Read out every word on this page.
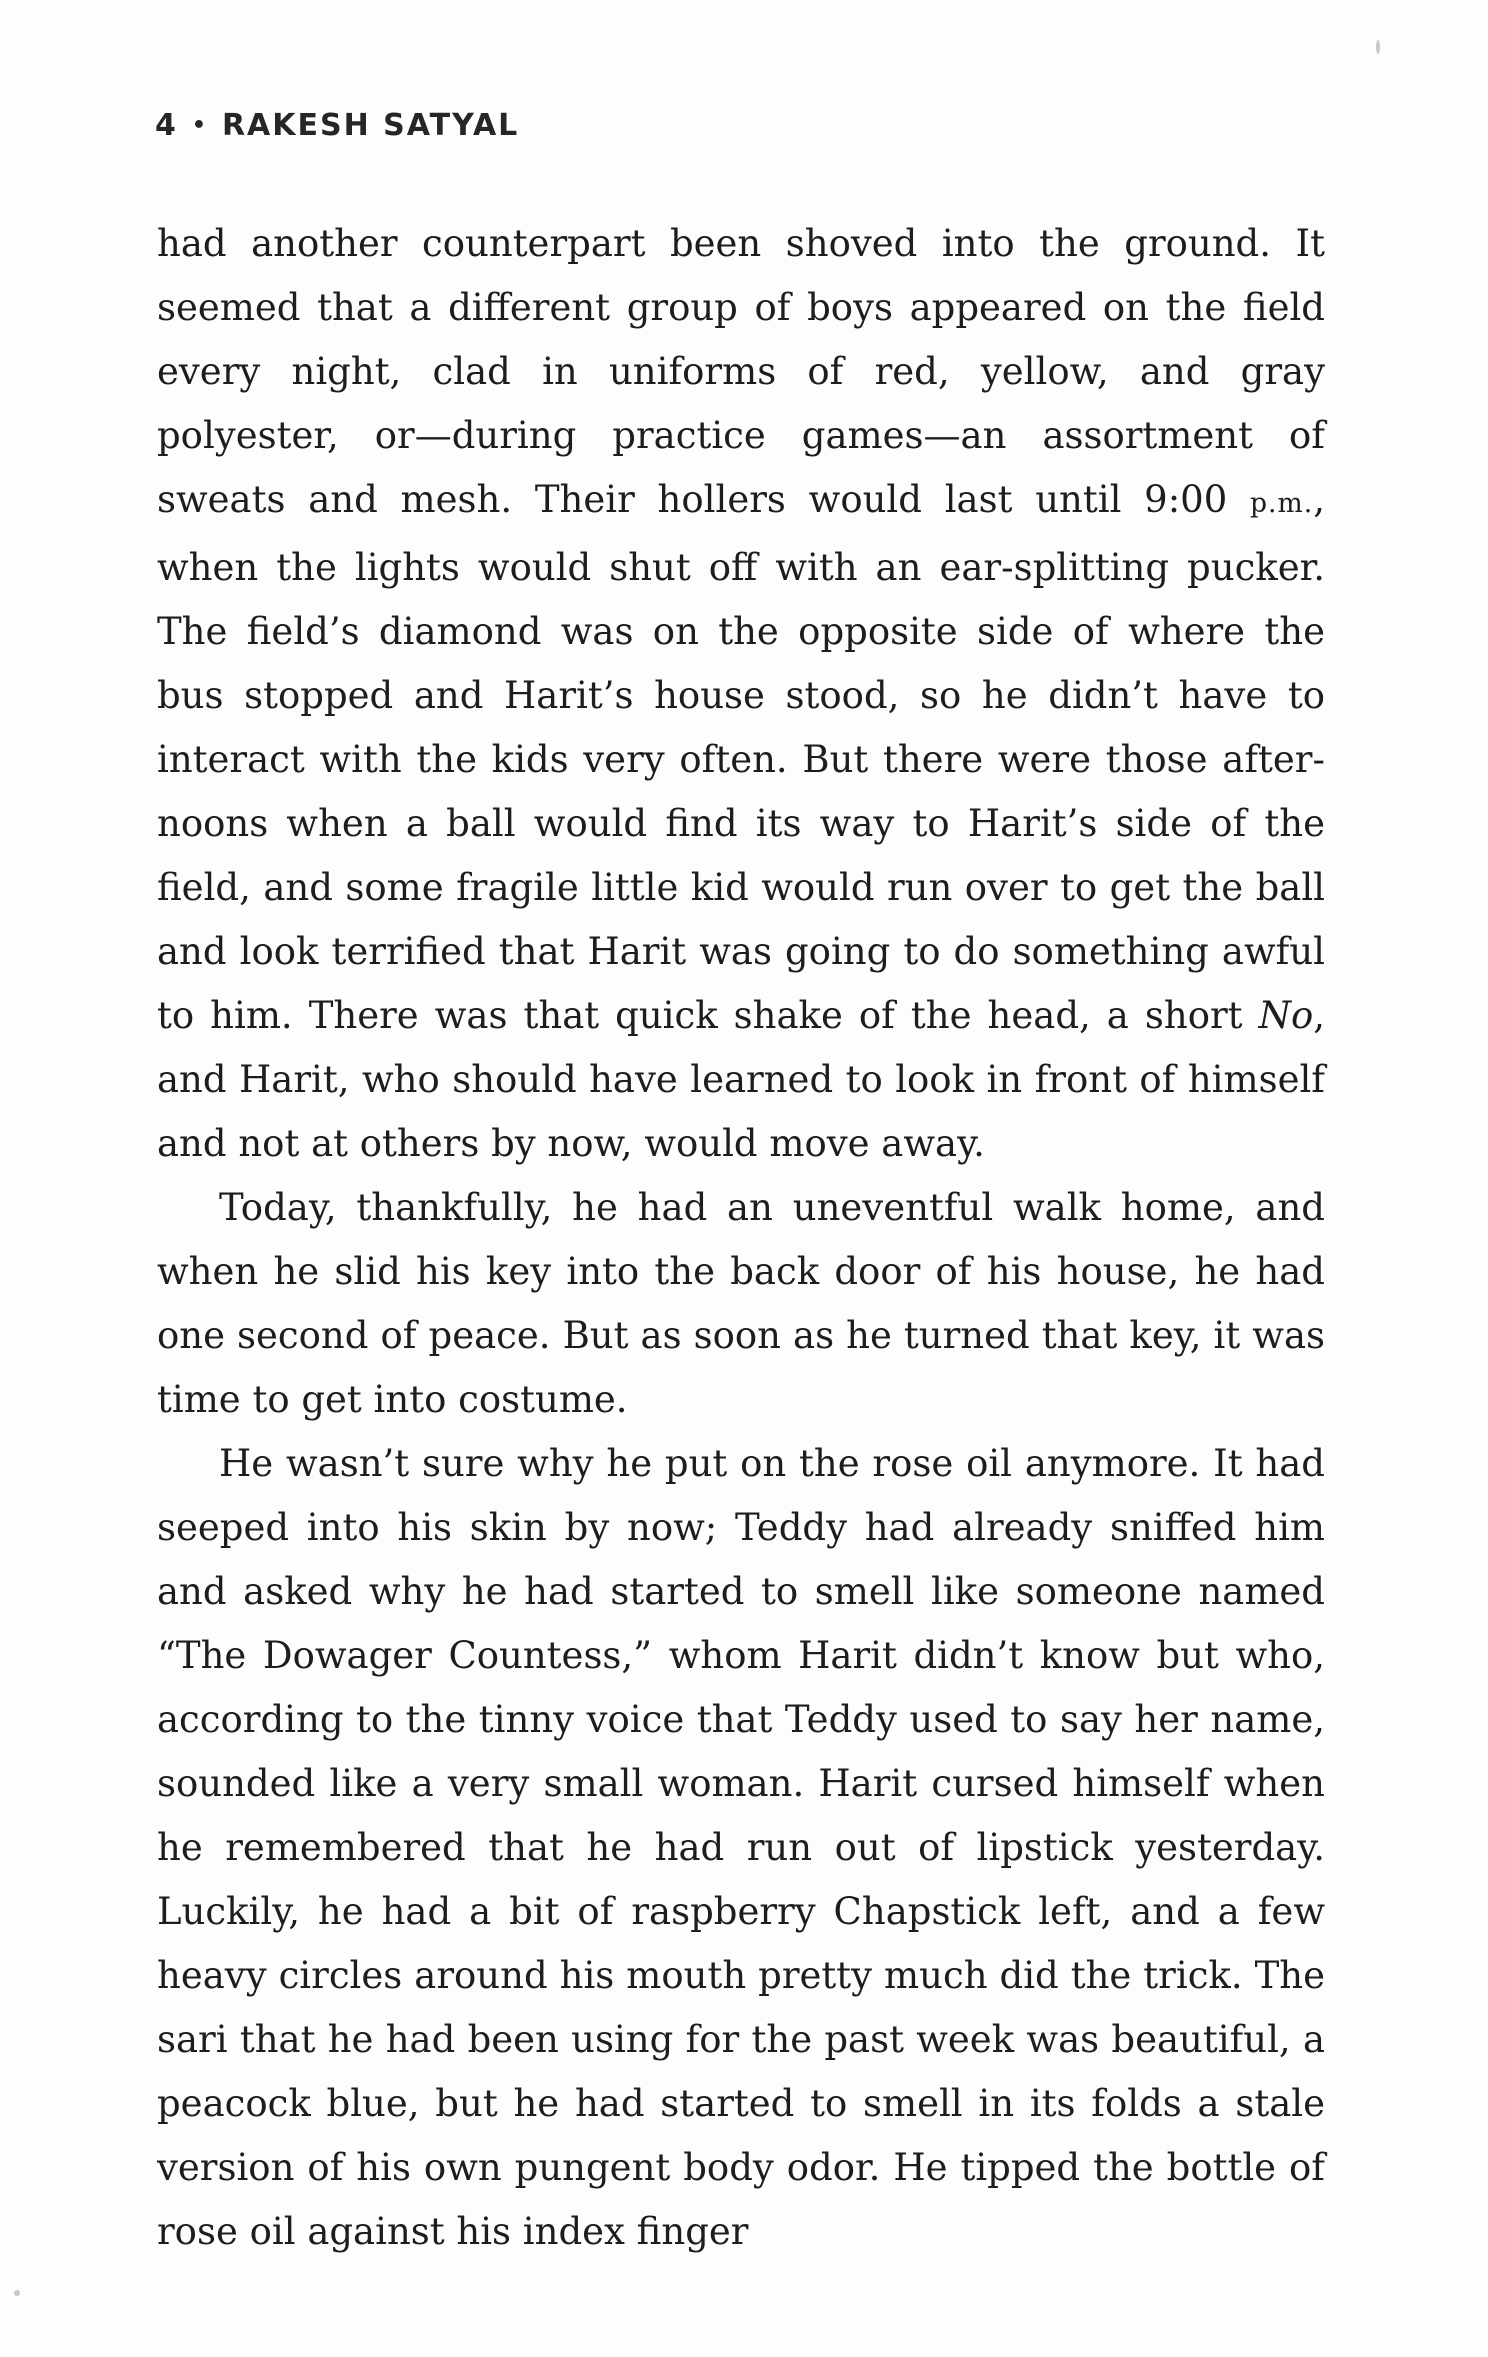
4 • RAKESH SATYAL

had another counterpart been shoved into the ground. It seemed that a different group of boys appeared on the field every night, clad in uniforms of red, yellow, and gray polyester, or—during practice games—an assortment of sweats and mesh. Their hollers would last until 9:00 p.m., when the lights would shut off with an ear-splitting pucker. The field’s diamond was on the opposite side of where the bus stopped and Harit’s house stood, so he didn’t have to interact with the kids very often. But there were those afternoons when a ball would find its way to Harit’s side of the field, and some fragile little kid would run over to get the ball and look terrified that Harit was going to do something awful to him. There was that quick shake of the head, a short No, and Harit, who should have learned to look in front of himself and not at others by now, would move away.

Today, thankfully, he had an uneventful walk home, and when he slid his key into the back door of his house, he had one second of peace. But as soon as he turned that key, it was time to get into costume.

He wasn’t sure why he put on the rose oil anymore. It had seeped into his skin by now; Teddy had already sniffed him and asked why he had started to smell like someone named “The Dowager Countess,” whom Harit didn’t know but who, according to the tinny voice that Teddy used to say her name, sounded like a very small woman. Harit cursed himself when he remembered that he had run out of lipstick yesterday. Luckily, he had a bit of raspberry Chapstick left, and a few heavy circles around his mouth pretty much did the trick. The sari that he had been using for the past week was beautiful, a peacock blue, but he had started to smell in its folds a stale version of his own pungent body odor. He tipped the bottle of rose oil against his index finger
